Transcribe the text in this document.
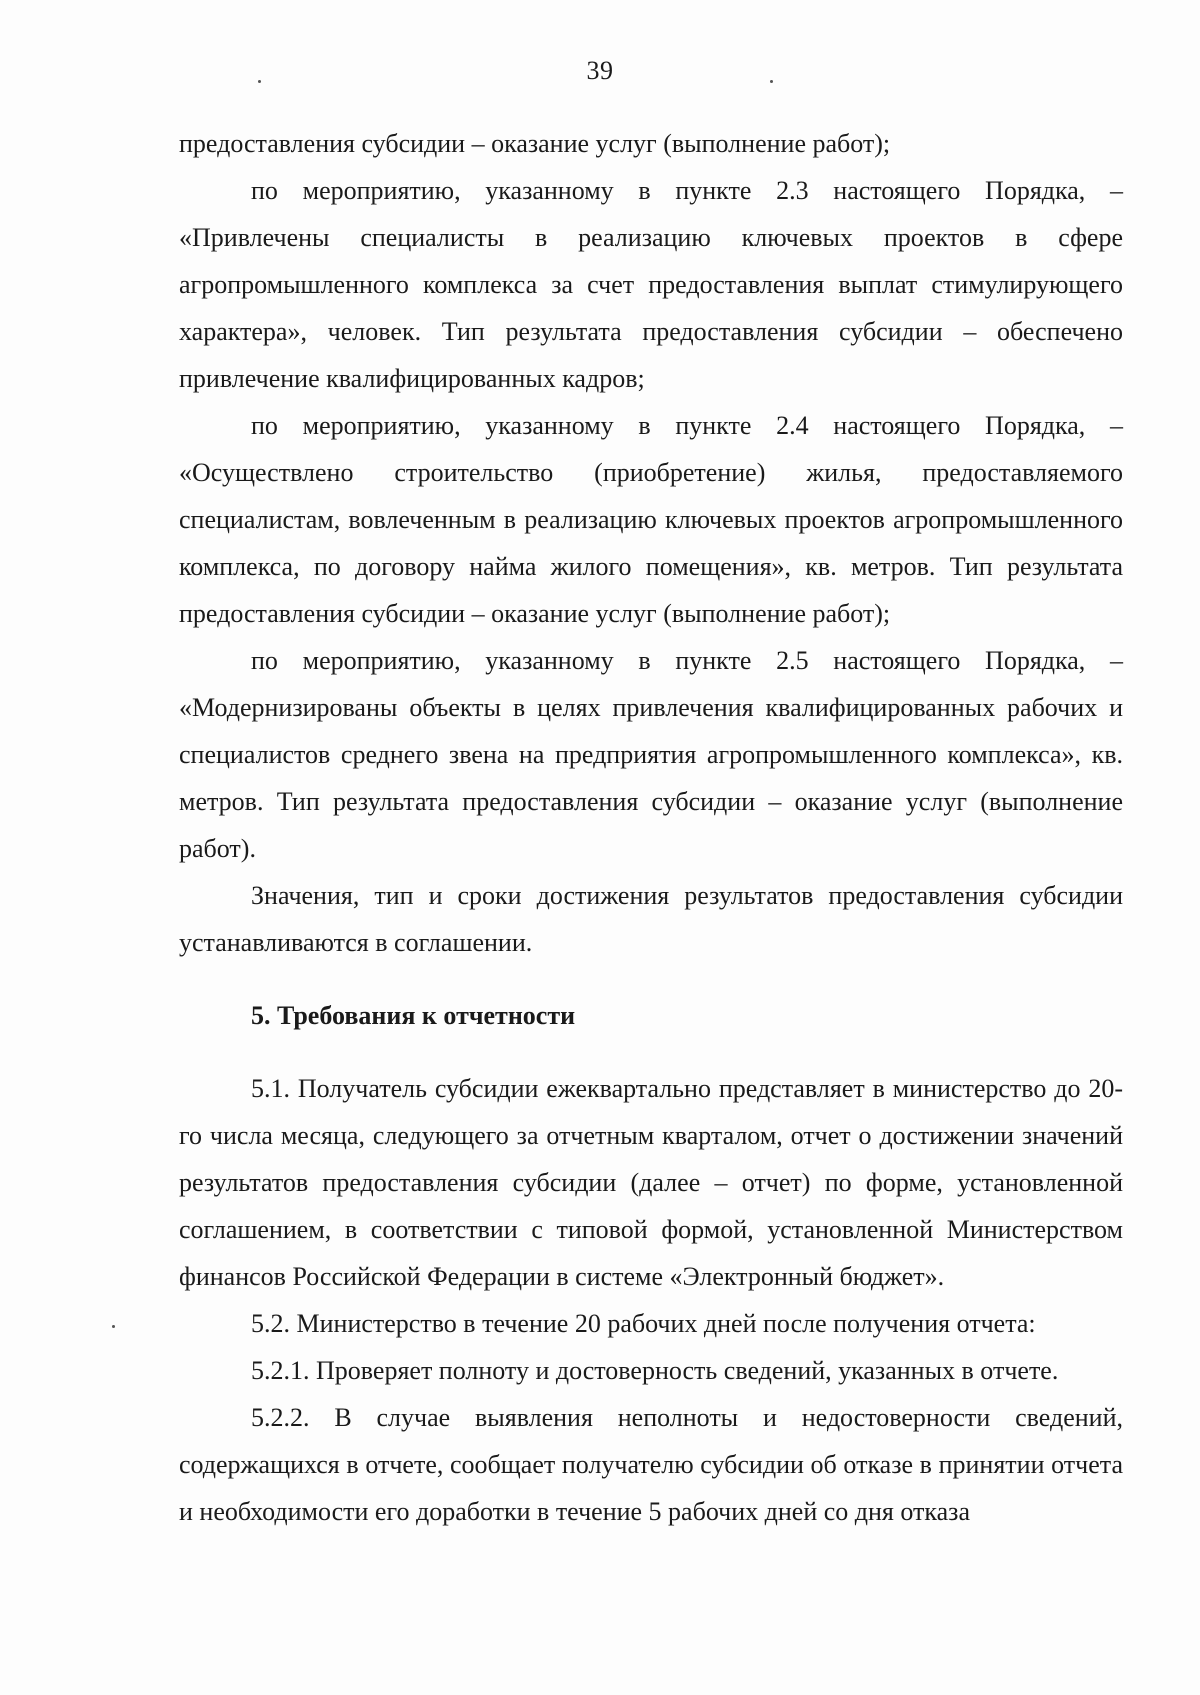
39

предоставления субсидии – оказание услуг (выполнение работ);

по мероприятию, указанному в пункте 2.3 настоящего Порядка, – «Привлечены специалисты в реализацию ключевых проектов в сфере агропромышленного комплекса за счет предоставления выплат стимулирующего характера», человек. Тип результата предоставления субсидии – обеспечено привлечение квалифицированных кадров;

по мероприятию, указанному в пункте 2.4 настоящего Порядка, – «Осуществлено строительство (приобретение) жилья, предоставляемого специалистам, вовлеченным в реализацию ключевых проектов агропромышленного комплекса, по договору найма жилого помещения», кв. метров. Тип результата предоставления субсидии – оказание услуг (выполнение работ);

по мероприятию, указанному в пункте 2.5 настоящего Порядка, – «Модернизированы объекты в целях привлечения квалифицированных рабочих и специалистов среднего звена на предприятия агропромышленного комплекса», кв. метров. Тип результата предоставления субсидии – оказание услуг (выполнение работ).

Значения, тип и сроки достижения результатов предоставления субсидии устанавливаются в соглашении.

5. Требования к отчетности

5.1. Получатель субсидии ежеквартально представляет в министерство до 20-го числа месяца, следующего за отчетным кварталом, отчет о достижении значений результатов предоставления субсидии (далее – отчет) по форме, установленной соглашением, в соответствии с типовой формой, установленной Министерством финансов Российской Федерации в системе «Электронный бюджет».

5.2. Министерство в течение 20 рабочих дней после получения отчета:

5.2.1. Проверяет полноту и достоверность сведений, указанных в отчете.

5.2.2. В случае выявления неполноты и недостоверности сведений, содержащихся в отчете, сообщает получателю субсидии об отказе в принятии отчета и необходимости его доработки в течение 5 рабочих дней со дня отказа
